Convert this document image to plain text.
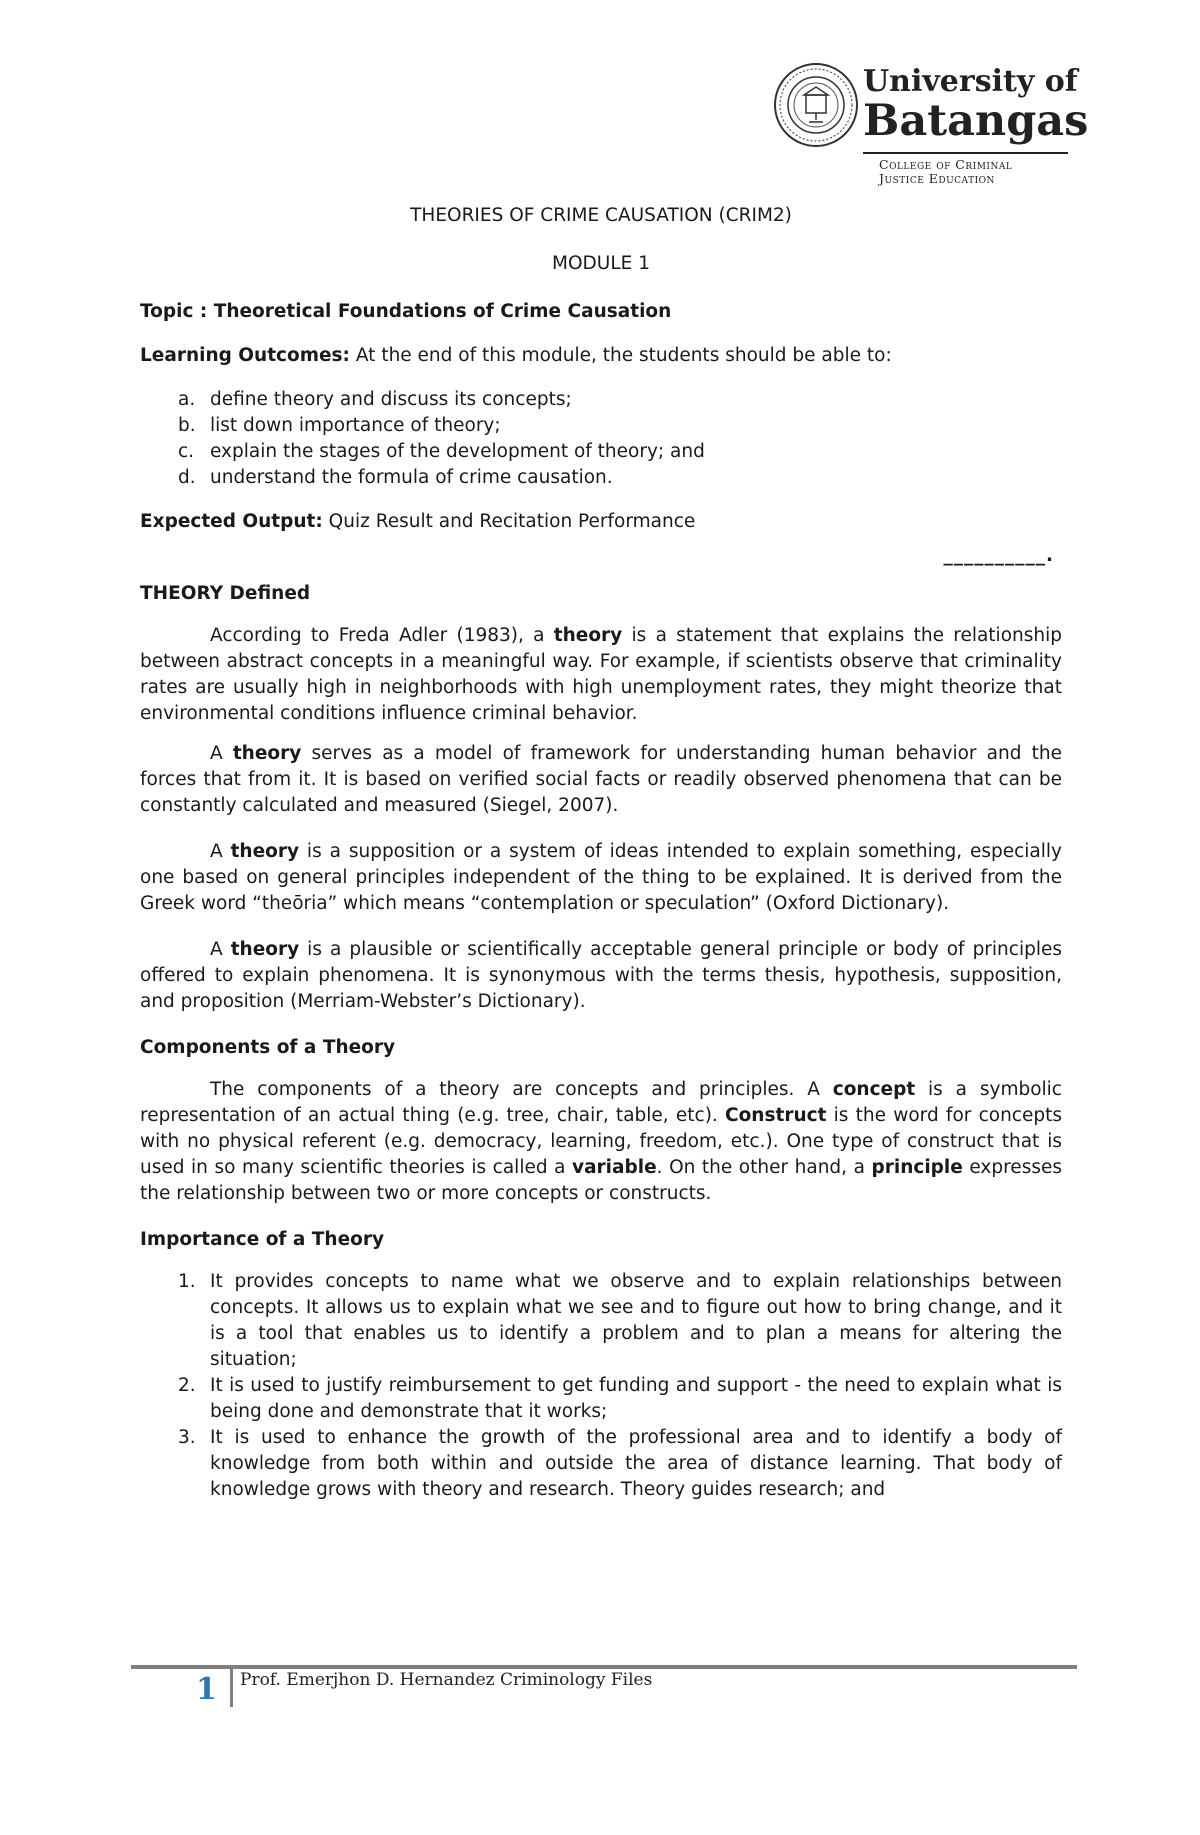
University of
Batangas
College of Criminal
Justice Education

THEORIES OF CRIME CAUSATION (CRIM2)

MODULE 1

Topic : Theoretical Foundations of Crime Causation

Learning Outcomes: At the end of this module, the students should be able to:

a. define theory and discuss its concepts;
b. list down importance of theory;
c. explain the stages of the development of theory; and
d. understand the formula of crime causation.

Expected Output: Quiz Result and Recitation Performance

__________.

THEORY Defined

According to Freda Adler (1983), a theory is a statement that explains the relationship between abstract concepts in a meaningful way. For example, if scientists observe that criminality rates are usually high in neighborhoods with high unemployment rates, they might theorize that environmental conditions influence criminal behavior.

A theory serves as a model of framework for understanding human behavior and the forces that from it. It is based on verified social facts or readily observed phenomena that can be constantly calculated and measured (Siegel, 2007).

A theory is a supposition or a system of ideas intended to explain something, especially one based on general principles independent of the thing to be explained. It is derived from the Greek word “theōria” which means “contemplation or speculation” (Oxford Dictionary).

A theory is a plausible or scientifically acceptable general principle or body of principles offered to explain phenomena. It is synonymous with the terms thesis, hypothesis, supposition, and proposition (Merriam-Webster’s Dictionary).

Components of a Theory

The components of a theory are concepts and principles. A concept is a symbolic representation of an actual thing (e.g. tree, chair, table, etc). Construct is the word for concepts with no physical referent (e.g. democracy, learning, freedom, etc.). One type of construct that is used in so many scientific theories is called a variable. On the other hand, a principle expresses the relationship between two or more concepts or constructs.

Importance of a Theory

1. It provides concepts to name what we observe and to explain relationships between concepts. It allows us to explain what we see and to figure out how to bring change, and it is a tool that enables us to identify a problem and to plan a means for altering the situation;
2. It is used to justify reimbursement to get funding and support - the need to explain what is being done and demonstrate that it works;
3. It is used to enhance the growth of the professional area and to identify a body of knowledge from both within and outside the area of distance learning. That body of knowledge grows with theory and research. Theory guides research; and
1 Prof. Emerjhon D. Hernandez Criminology Files
